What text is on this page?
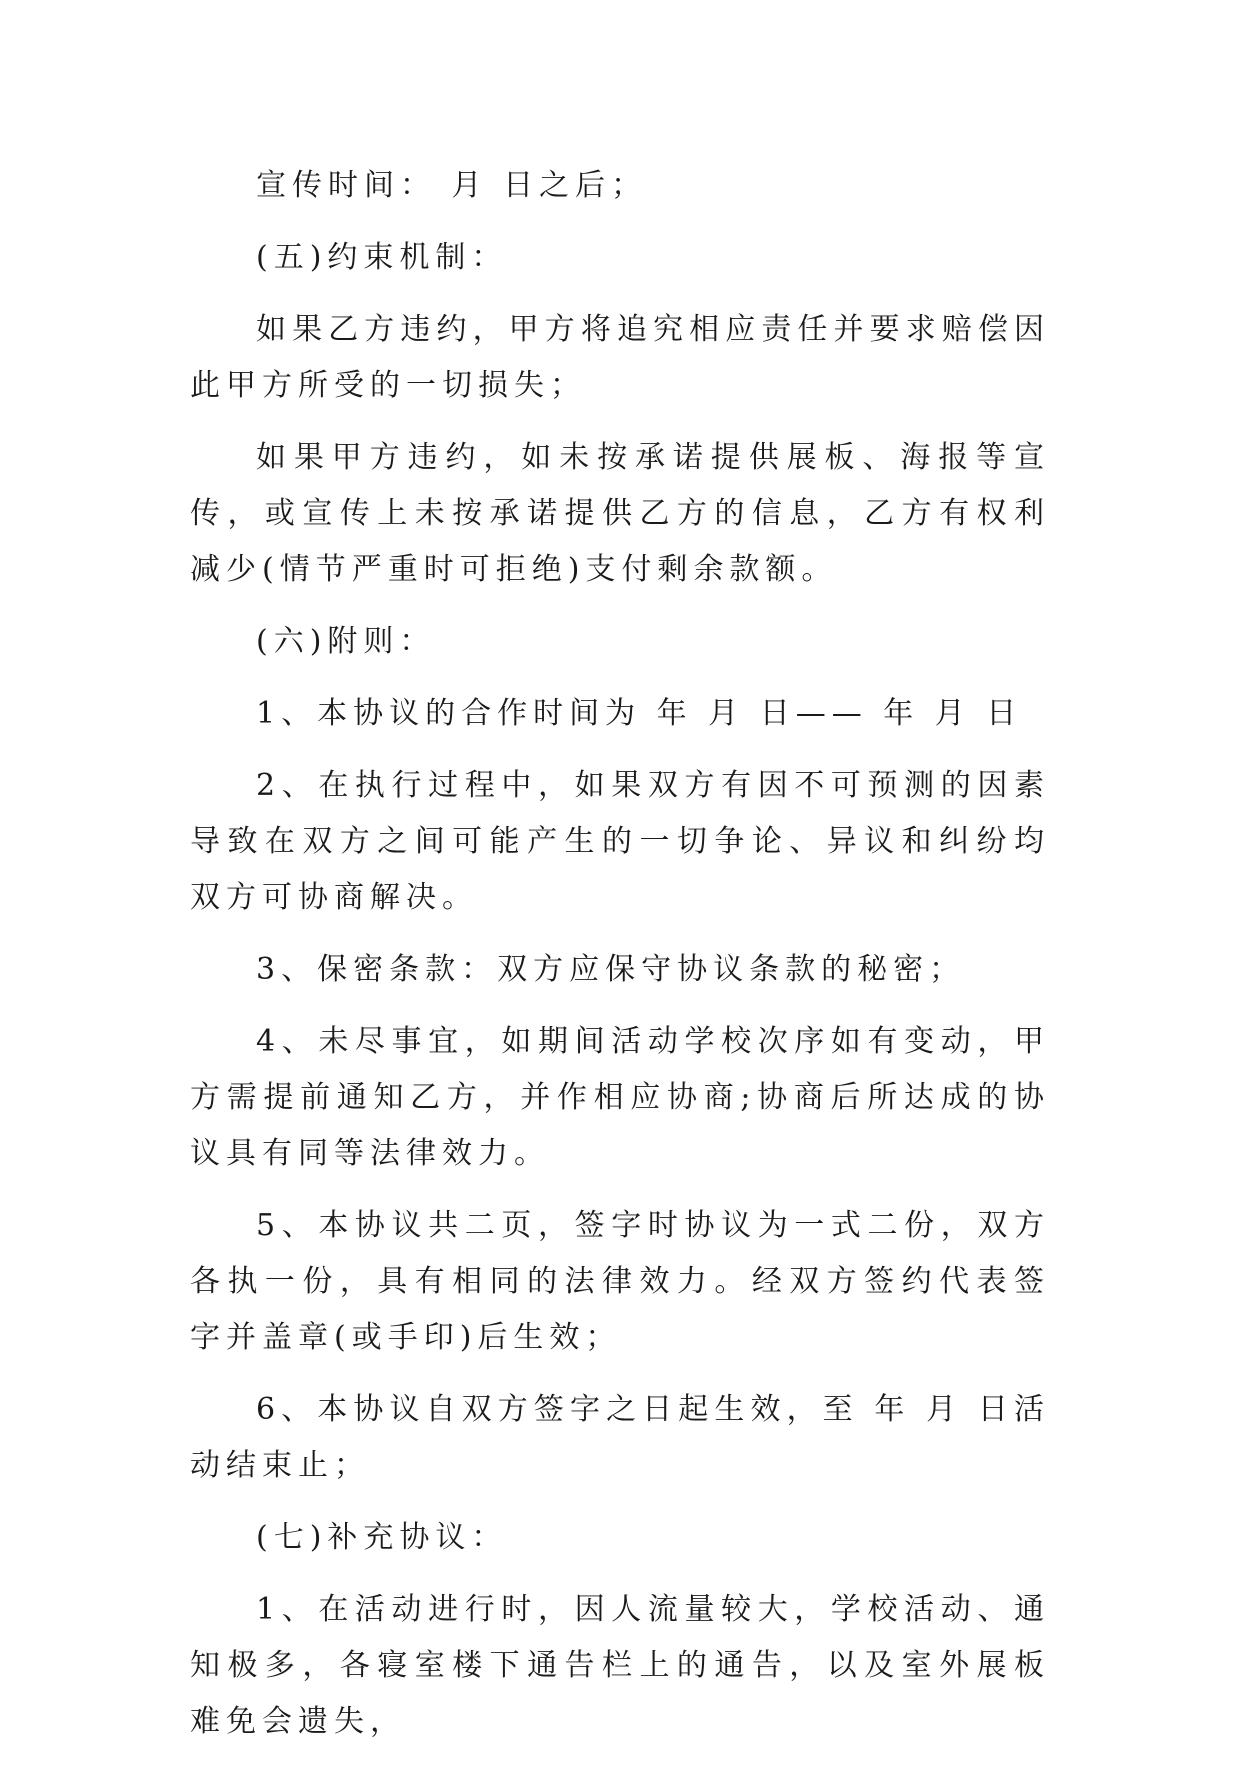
宣传时间： 月 日之后；

(五)约束机制：

如果乙方违约，甲方将追究相应责任并要求赔偿因此甲方所受的一切损失；

如果甲方违约，如未按承诺提供展板、海报等宣传，或宣传上未按承诺提供乙方的信息，乙方有权利减少(情节严重时可拒绝)支付剩余款额。

(六)附则：

1、本协议的合作时间为 年 月 日—— 年 月 日

2、在执行过程中，如果双方有因不可预测的因素导致在双方之间可能产生的一切争论、异议和纠纷均双方可协商解决。

3、保密条款：双方应保守协议条款的秘密；

4、未尽事宜，如期间活动学校次序如有变动，甲方需提前通知乙方，并作相应协商;协商后所达成的协议具有同等法律效力。

5、本协议共二页，签字时协议为一式二份，双方各执一份，具有相同的法律效力。经双方签约代表签字并盖章(或手印)后生效；

6、本协议自双方签字之日起生效，至 年 月 日活动结束止；

(七)补充协议：

1、在活动进行时，因人流量较大，学校活动、通知极多，各寝室楼下通告栏上的通告，以及室外展板难免会遗失，
